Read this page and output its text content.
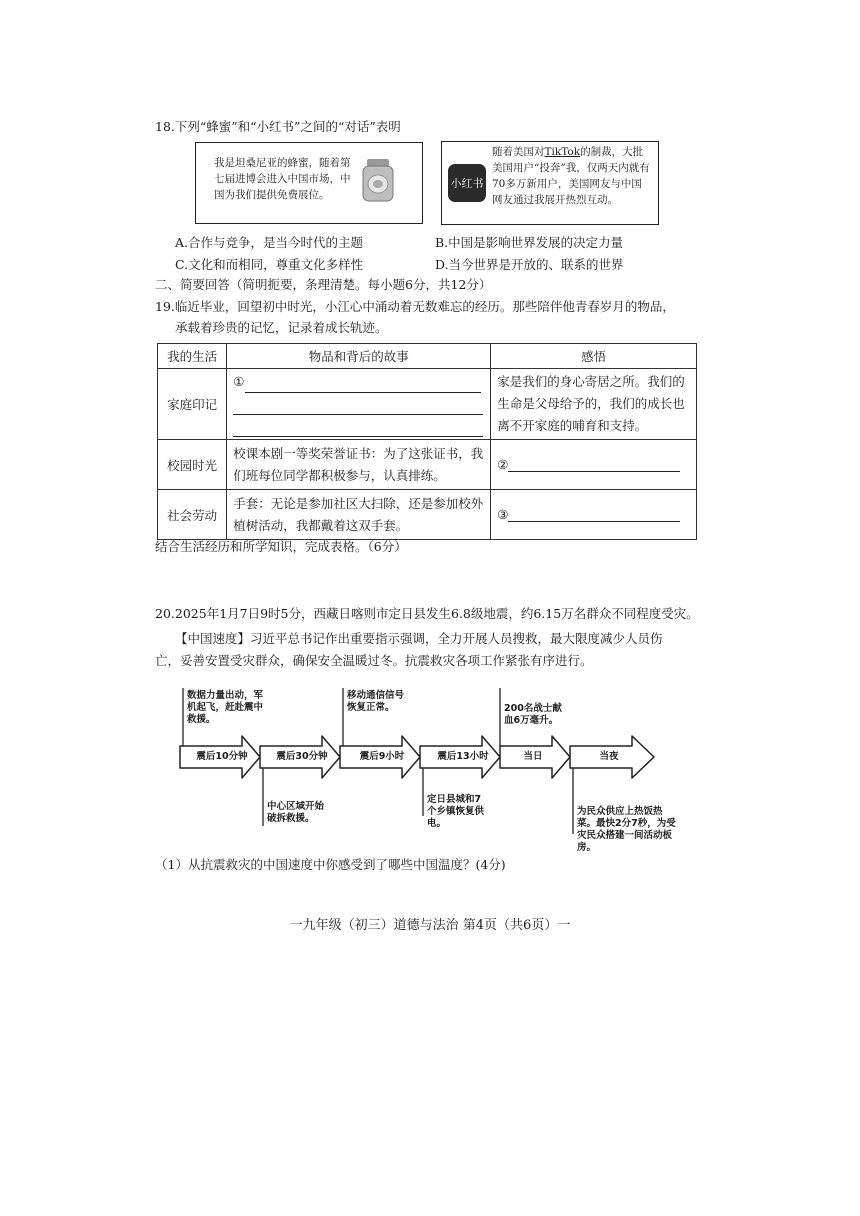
18.下列“蜂蜜”和“小红书”之间的“对话”表明
我是坦桑尼亚的蜂蜜，随着第七届进博会进入中国市场，中国为我们提供免费展位。
小红书
随着美国对TikTok的制裁，大批美国用户“投奔”我，仅两天内就有70多万新用户，美国网友与中国网友通过我展开热烈互动。
A.合作与竞争，是当今时代的主题	B.中国是影响世界发展的决定力量
C.文化和而相同，尊重文化多样性	D.当今世界是开放的、联系的世界
二、简要回答（简明扼要，条理清楚。每小题6分，共12分）
19.临近毕业，回望初中时光，小江心中涌动着无数难忘的经历。那些陪伴他青春岁月的物品，
承载着珍贵的记忆，记录着成长轨迹。
我的生活	物品和背后的故事	感悟
家庭印记	①	家是我们的身心寄居之所。我们的生命是父母给予的，我们的成长也离不开家庭的哺育和支持。
校园时光	校课本剧一等奖荣誉证书：为了这张证书，我们班每位同学都积极参与，认真排练。	②
社会劳动	手套：无论是参加社区大扫除，还是参加校外植树活动，我都戴着这双手套。	③
结合生活经历和所学知识，完成表格。（6分）
20.2025年1月7日9时5分，西藏日喀则市定日县发生6.8级地震，约6.15万名群众不同程度受灾。
【中国速度】习近平总书记作出重要指示强调，全力开展人员搜救，最大限度减少人员伤
亡，妥善安置受灾群众，确保安全温暖过冬。抗震救灾各项工作紧张有序进行。
震后10分钟	震后30分钟	震后9小时	震后13小时	当日	当夜
数据力量出动，军机起飞，赶赴震中救援。
中心区域开始破拆救援。
移动通信信号恢复正常。
定日县城和7个乡镇恢复供电。
200名战士献血6万毫升。
为民众供应上热饭热菜。最快2分7秒，为受灾民众搭建一间活动板房。
（1）从抗震救灾的中国速度中你感受到了哪些中国温度？(4分)
一九年级（初三）道德与法治 第4页（共6页）一
